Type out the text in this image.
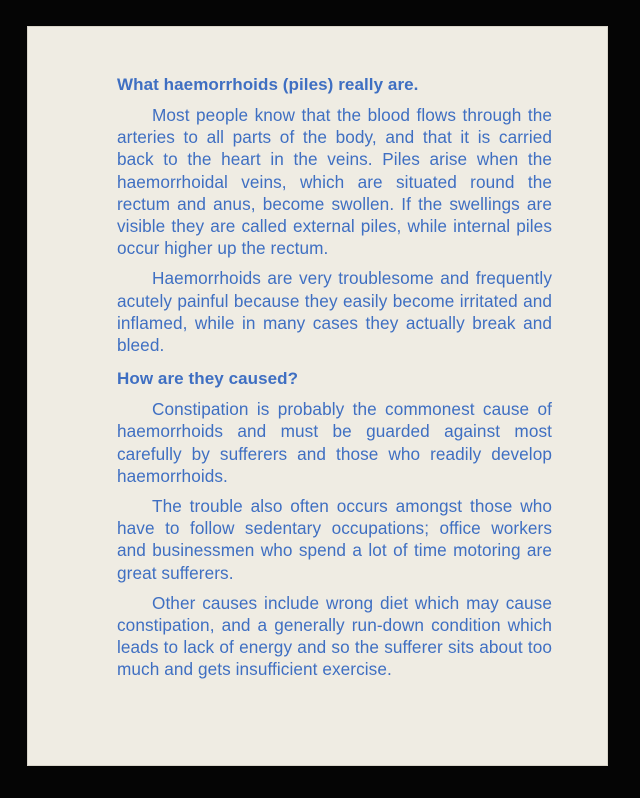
What haemorrhoids (piles) really are.

Most people know that the blood flows through the arteries to all parts of the body, and that it is carried back to the heart in the veins. Piles arise when the haemorrhoidal veins, which are situated round the rectum and anus, become swollen. If the swellings are visible they are called external piles, while internal piles occur higher up the rectum.

Haemorrhoids are very troublesome and frequently acutely painful because they easily become irritated and inflamed, while in many cases they actually break and bleed.

How are they caused?

Constipation is probably the commonest cause of haemorrhoids and must be guarded against most carefully by sufferers and those who readily develop haemorrhoids.

The trouble also often occurs amongst those who have to follow sedentary occupations; office workers and businessmen who spend a lot of time motoring are great sufferers.

Other causes include wrong diet which may cause constipation, and a generally run-down condition which leads to lack of energy and so the sufferer sits about too much and gets insufficient exercise.
